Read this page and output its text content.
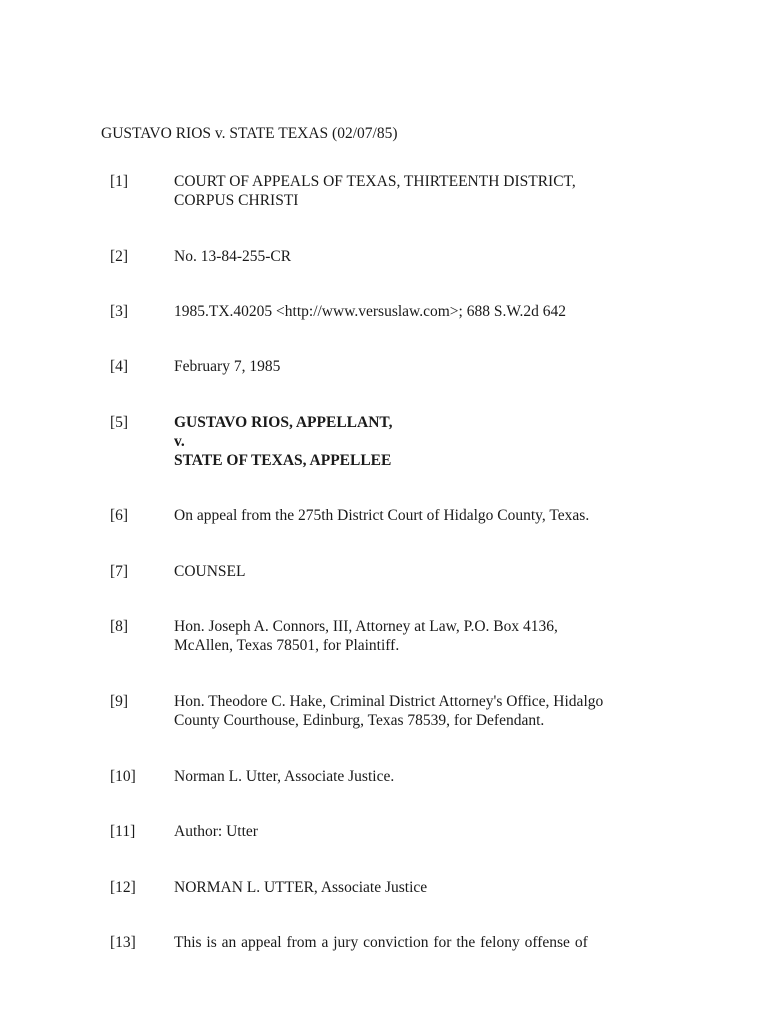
GUSTAVO RIOS v. STATE TEXAS (02/07/85)
[1]	COURT OF APPEALS OF TEXAS, THIRTEENTH DISTRICT,
CORPUS CHRISTI
[2]	No. 13-84-255-CR
[3]	1985.TX.40205 <http://www.versuslaw.com>; 688 S.W.2d 642
[4]	February 7, 1985
[5]	GUSTAVO RIOS, APPELLANT,
v.
STATE OF TEXAS, APPELLEE
[6]	On appeal from the 275th District Court of Hidalgo County, Texas.
[7]	COUNSEL
[8]	Hon. Joseph A. Connors, III, Attorney at Law, P.O. Box 4136,
McAllen, Texas 78501, for Plaintiff.
[9]	Hon. Theodore C. Hake, Criminal District Attorney's Office, Hidalgo
County Courthouse, Edinburg, Texas 78539, for Defendant.
[10] Norman L. Utter, Associate Justice.
[11]	Author: Utter
[12] NORMAN L. UTTER, Associate Justice
[13] This is an appeal from a jury conviction for the felony offense of
